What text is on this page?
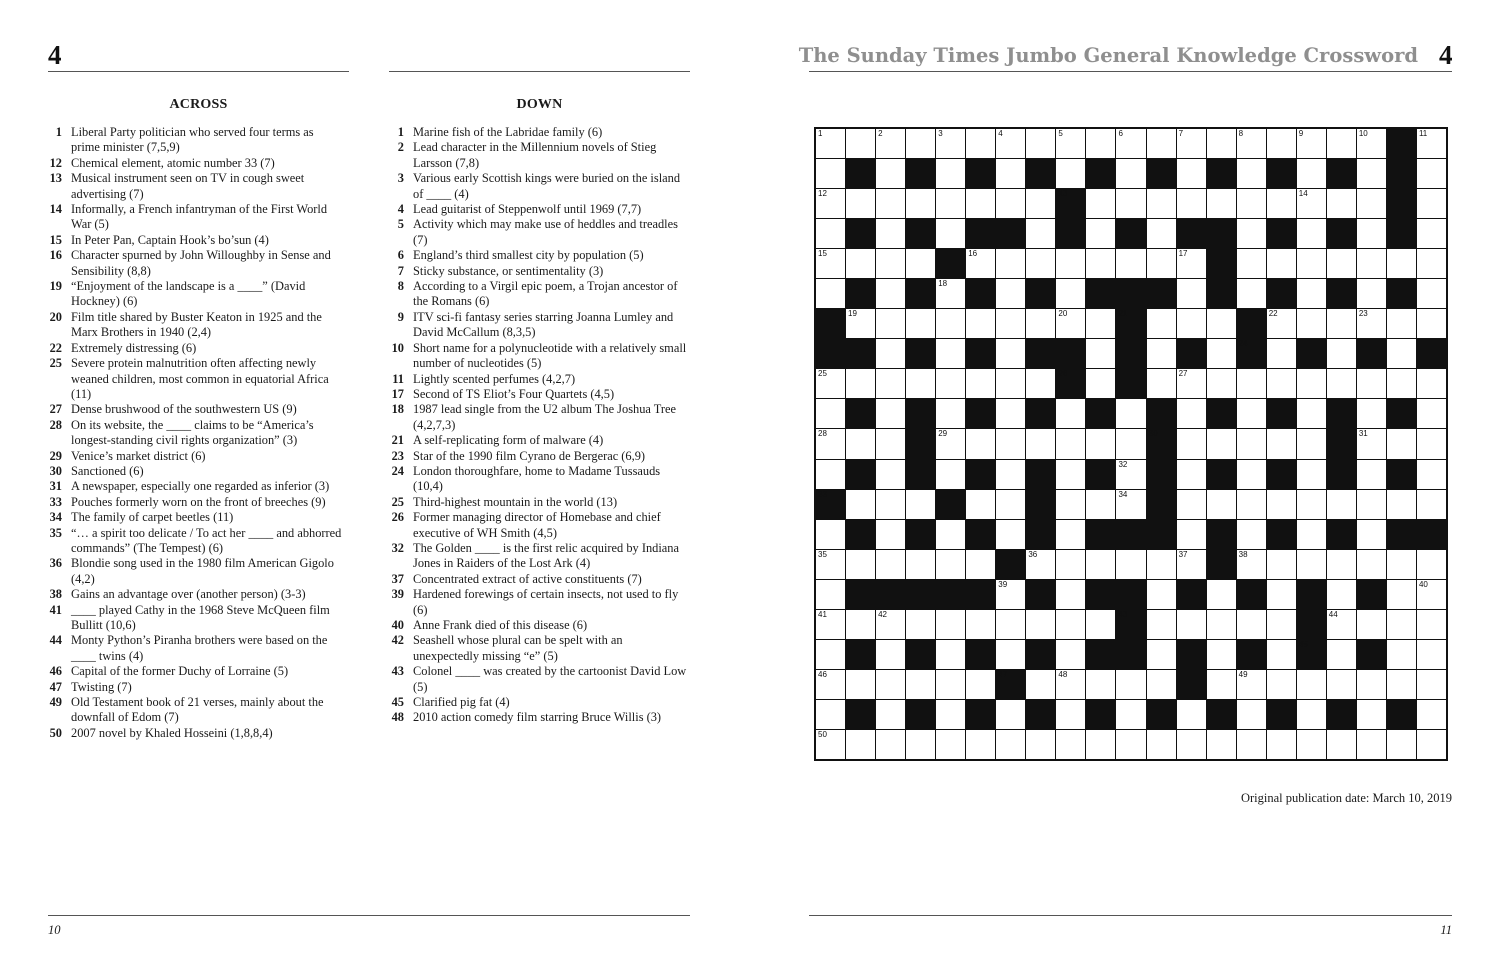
4
ACROSS	DOWN
1 Liberal Party politician who served four terms as prime minister (7,5,9)
12 Chemical element, atomic number 33 (7)
13 Musical instrument seen on TV in cough sweet advertising (7)
14 Informally, a French infantryman of the First World War (5)
15 In Peter Pan, Captain Hook’s bo’sun (4)
16 Character spurned by John Willoughby in Sense and Sensibility (8,8)
19 “Enjoyment of the landscape is a ____” (David Hockney) (6)
20 Film title shared by Buster Keaton in 1925 and the Marx Brothers in 1940 (2,4)
22 Extremely distressing (6)
25 Severe protein malnutrition often affecting newly weaned children, most common in equatorial Africa (11)
27 Dense brushwood of the southwestern US (9)
28 On its website, the ____ claims to be “America’s longest-standing civil rights organization” (3)
29 Venice’s market district (6)
30 Sanctioned (6)
31 A newspaper, especially one regarded as inferior (3)
33 Pouches formerly worn on the front of breeches (9)
34 The family of carpet beetles (11)
35 “… a spirit too delicate / To act her ____ and abhorred commands” (The Tempest) (6)
36 Blondie song used in the 1980 film American Gigolo (4,2)
38 Gains an advantage over (another person) (3-3)
41 ____ played Cathy in the 1968 Steve McQueen film Bullitt (10,6)
44 Monty Python’s Piranha brothers were based on the ____ twins (4)
46 Capital of the former Duchy of Lorraine (5)
47 Twisting (7)
49 Old Testament book of 21 verses, mainly about the downfall of Edom (7)
50 2007 novel by Khaled Hosseini (1,8,8,4)
1 Marine fish of the Labridae family (6)
2 Lead character in the Millennium novels of Stieg Larsson (7,8)
3 Various early Scottish kings were buried on the island of ____ (4)
4 Lead guitarist of Steppenwolf until 1969 (7,7)
5 Activity which may make use of heddles and treadles (7)
6 England’s third smallest city by population (5)
7 Sticky substance, or sentimentality (3)
8 According to a Virgil epic poem, a Trojan ancestor of the Romans (6)
9 ITV sci-fi fantasy series starring Joanna Lumley and David McCallum (8,3,5)
10 Short name for a polynucleotide with a relatively small number of nucleotides (5)
11 Lightly scented perfumes (4,2,7)
17 Second of TS Eliot’s Four Quartets (4,5)
18 1987 lead single from the U2 album The Joshua Tree (4,2,7,3)
21 A self-replicating form of malware (4)
23 Star of the 1990 film Cyrano de Bergerac (6,9)
24 London thoroughfare, home to Madame Tussauds (10,4)
25 Third-highest mountain in the world (13)
26 Former managing director of Homebase and chief executive of WH Smith (4,5)
32 The Golden ____ is the first relic acquired by Indiana Jones in Raiders of the Lost Ark (4)
37 Concentrated extract of active constituents (7)
39 Hardened forewings of certain insects, not used to fly (6)
40 Anne Frank died of this disease (6)
42 Seashell whose plural can be spelt with an unexpectedly missing “e” (5)
43 Colonel ____ was created by the cartoonist David Low (5)
45 Clarified pig fat (4)
48 2010 action comedy film starring Bruce Willis (3)
10
The Sunday Times Jumbo General Knowledge Crossword 4
1	2	3	4	5	6	7	8	9	10	11
12	13	14
15	16	17
18
19	20	21	22	23
24
25	26	27
28	29	30	31
32
33	34
35	36	37	38
39	40
41	42	43	44
45
46	47	48	49
50
Original publication date: March 10, 2019
11
